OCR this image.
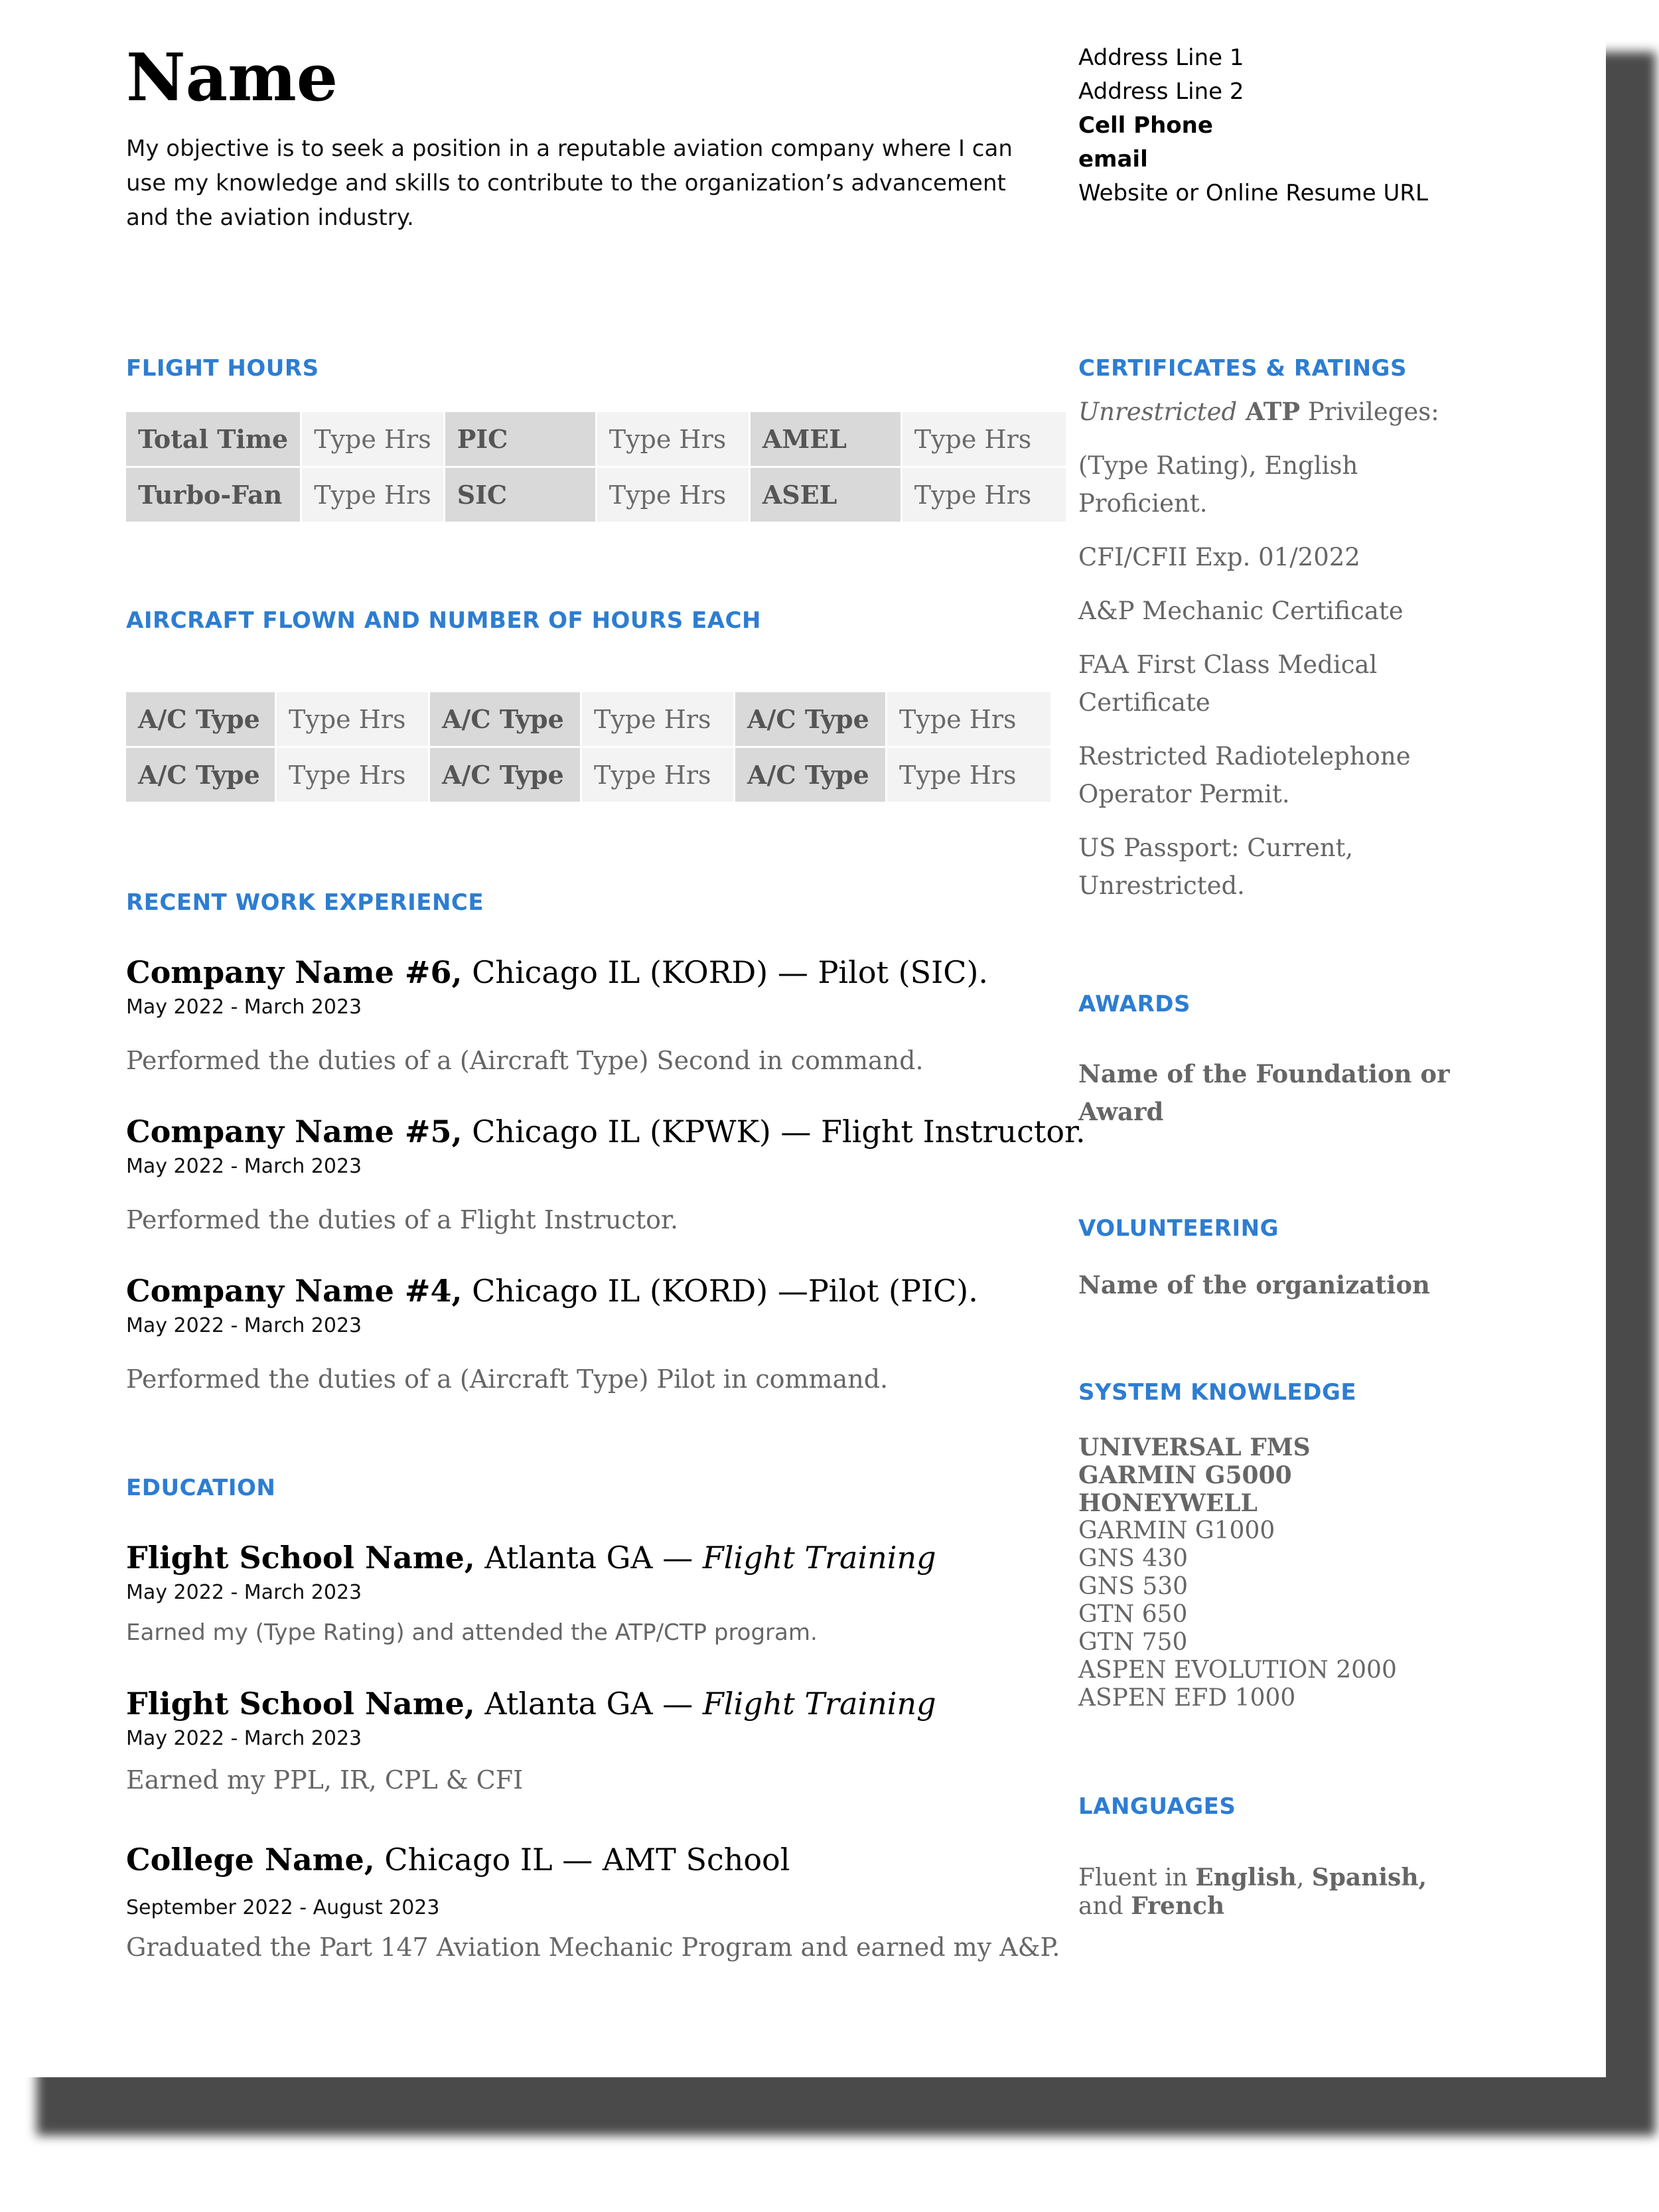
Name
My objective is to seek a position in a reputable aviation company where I can use my knowledge and skills to contribute to the organization’s advancement and the aviation industry.
Address Line 1
Address Line 2
Cell Phone
email
Website or Online Resume URL
FLIGHT HOURS
Total Time	Type Hrs	PIC	Type Hrs	AMEL	Type Hrs
Turbo-Fan	Type Hrs	SIC	Type Hrs	ASEL	Type Hrs
AIRCRAFT FLOWN AND NUMBER OF HOURS EACH
A/C Type	Type Hrs	A/C Type	Type Hrs	A/C Type	Type Hrs
A/C Type	Type Hrs	A/C Type	Type Hrs	A/C Type	Type Hrs
RECENT WORK EXPERIENCE
Company Name #6, Chicago IL (KORD) — Pilot (SIC).
May 2022 - March 2023
Performed the duties of a (Aircraft Type) Second in command.
Company Name #5, Chicago IL (KPWK) — Flight Instructor.
May 2022 - March 2023
Performed the duties of a Flight Instructor.
Company Name #4, Chicago IL (KORD) —Pilot (PIC).
May 2022 - March 2023
Performed the duties of a (Aircraft Type) Pilot in command.
EDUCATION
Flight School Name, Atlanta GA — Flight Training
May 2022 - March 2023
Earned my (Type Rating) and attended the ATP/CTP program.
Flight School Name, Atlanta GA — Flight Training
May 2022 - March 2023
Earned my PPL, IR, CPL & CFI
College Name, Chicago IL — AMT School
September 2022 - August 2023
Graduated the Part 147 Aviation Mechanic Program and earned my A&P.
CERTIFICATES & RATINGS

Unrestricted ATP Privileges:

(Type Rating), English Proficient.

CFI/CFII Exp. 01/2022

A&P Mechanic Certificate

FAA First Class Medical Certificate

Restricted Radiotelephone Operator Permit.

US Passport: Current, Unrestricted.

AWARDS
Name of the Foundation or Award
VOLUNTEERING
Name of the organization
SYSTEM KNOWLEDGE
UNIVERSAL FMS
GARMIN G5000
HONEYWELL
GARMIN G1000
GNS 430
GNS 530
GTN 650
GTN 750
ASPEN EVOLUTION 2000
ASPEN EFD 1000
LANGUAGES
Fluent in English, Spanish,
and French
